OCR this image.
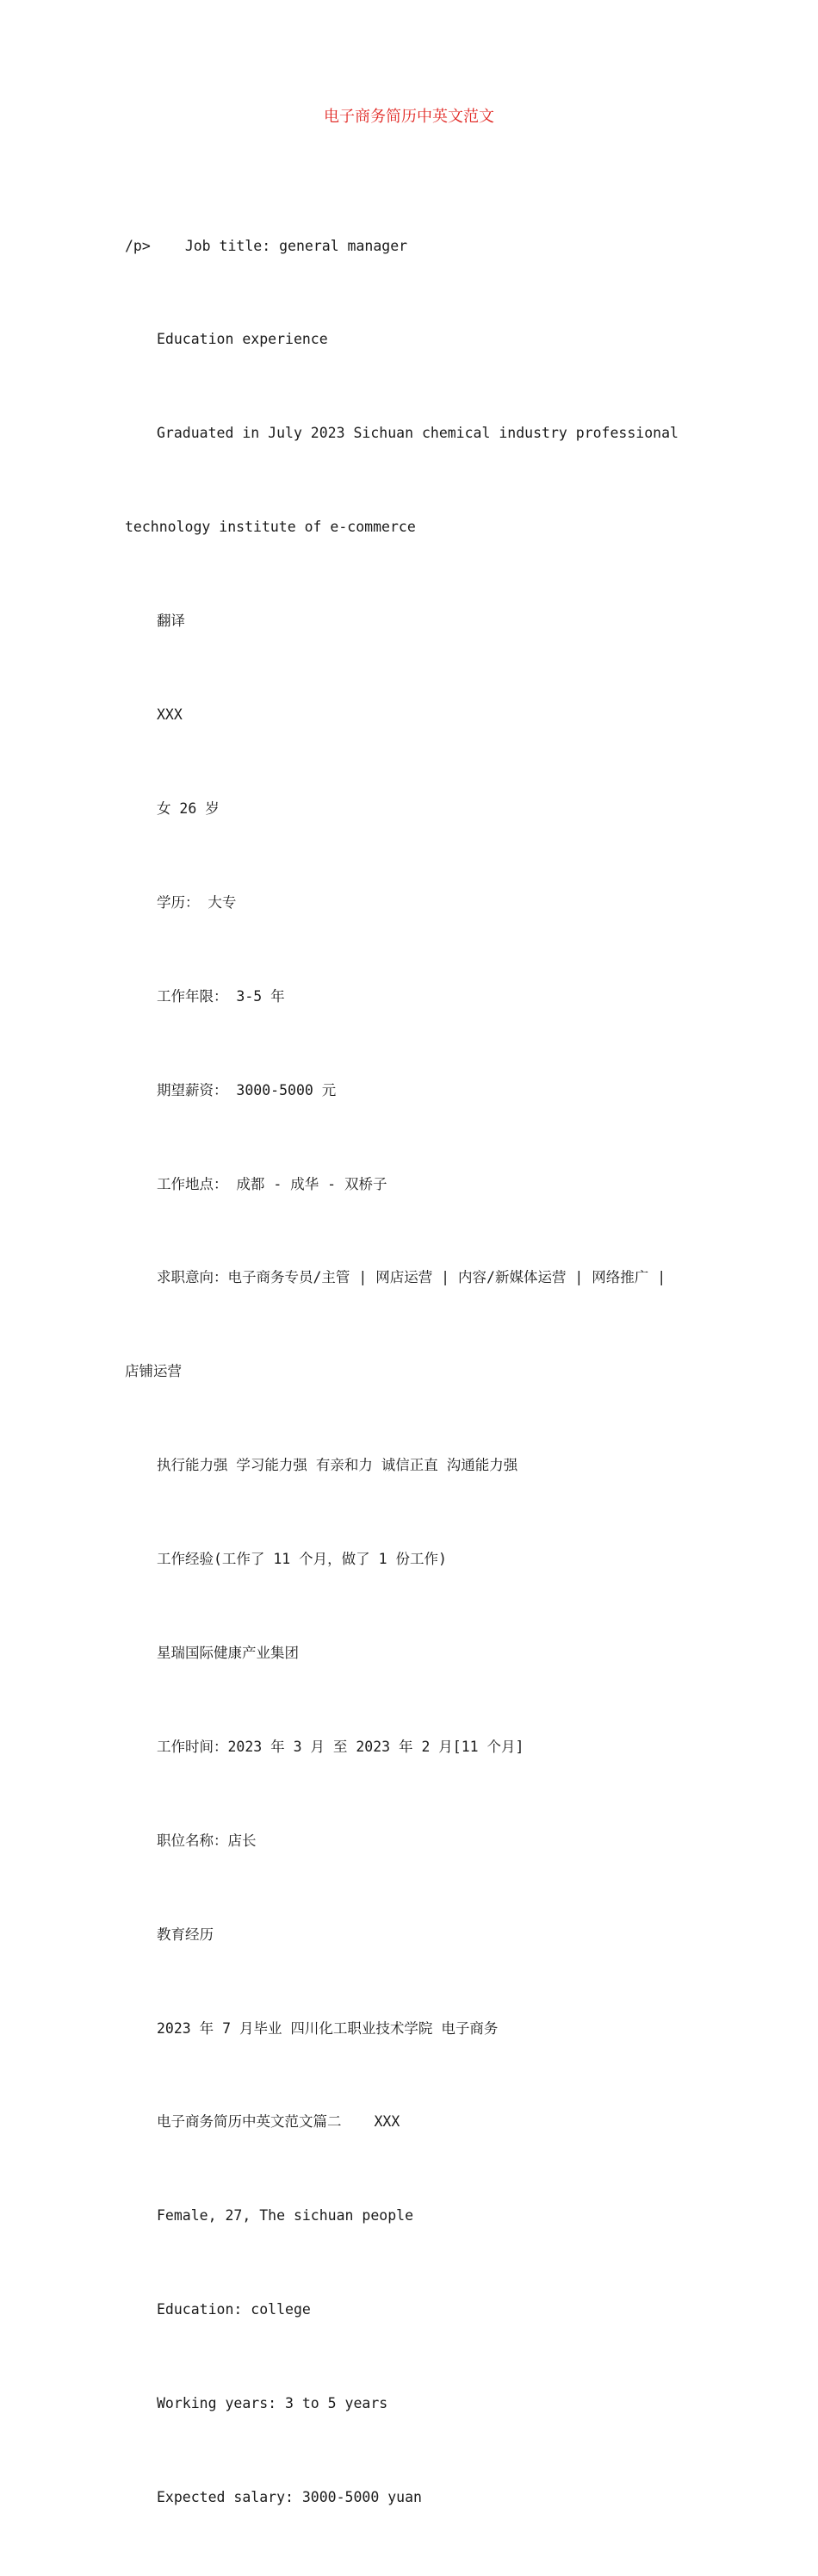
电子商务简历中英文范文

/p> Job title: general manager

Education experience

Graduated in July 2023 Sichuan chemical industry professional

technology institute of e-commerce

翻译

XXX

女 26 岁

学历： 大专

工作年限： 3-5 年

期望薪资： 3000-5000 元

工作地点： 成都 - 成华 - 双桥子

求职意向：电子商务专员/主管 | 网店运营 | 内容/新媒体运营 | 网络推广 |

店铺运营

执行能力强 学习能力强 有亲和力 诚信正直 沟通能力强

工作经验(工作了 11 个月，做了 1 份工作)

星瑞国际健康产业集团

工作时间：2023 年 3 月 至 2023 年 2 月[11 个月]

职位名称：店长

教育经历

2023 年 7 月毕业 四川化工职业技术学院 电子商务

电子商务简历中英文范文篇二 XXX

Female, 27, The sichuan people

Education: college

Working years: 3 to 5 years

Expected salary: 3000-5000 yuan
